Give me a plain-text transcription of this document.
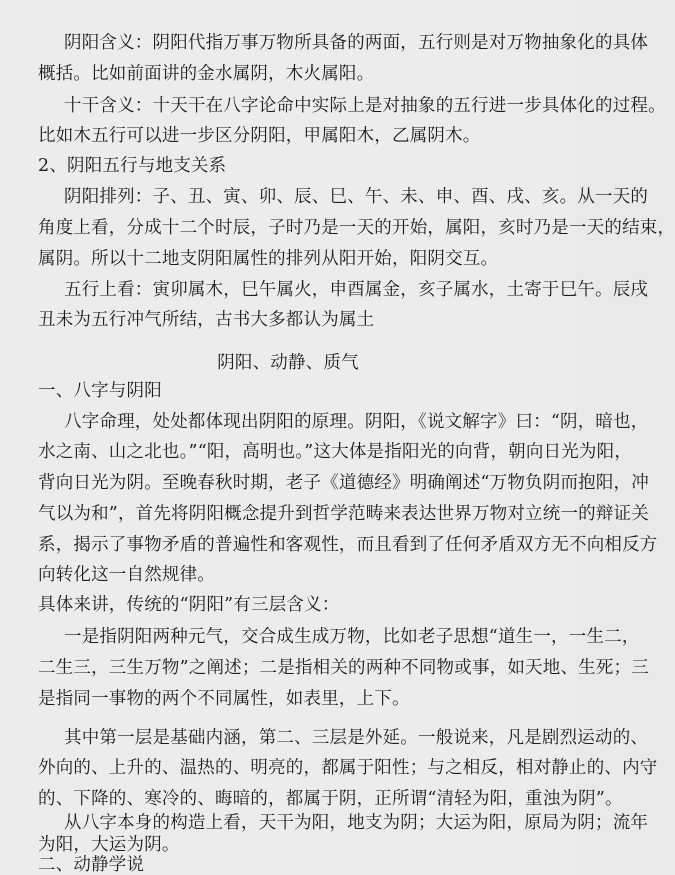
阴阳含义：阴阳代指万事万物所具备的两面，五行则是对万物抽象化的具体
概括。比如前面讲的金水属阴，木火属阳。
十干含义：十天干在八字论命中实际上是对抽象的五行进一步具体化的过程。
比如木五行可以进一步区分阴阳，甲属阳木，乙属阴木。
2、阴阳五行与地支关系
阴阳排列：子、丑、寅、卯、辰、巳、午、未、申、酉、戌、亥。从一天的
角度上看，分成十二个时辰，子时乃是一天的开始，属阳，亥时乃是一天的结束，
属阴。所以十二地支阴阳属性的排列从阳开始，阳阴交互。
五行上看：寅卯属木，巳午属火，申酉属金，亥子属水，土寄于巳午。辰戌
丑未为五行冲气所结，古书大多都认为属土
阴阳、动静、质气
一、八字与阴阳
八字命理，处处都体现出阴阳的原理。阴阳，《说文解字》曰：“阴，暗也，
水之南、山之北也。”“阳，高明也。”这大体是指阳光的向背，朝向日光为阳，
背向日光为阴。至晚春秋时期，老子《道德经》明确阐述“万物负阴而抱阳，冲
气以为和”，首先将阴阳概念提升到哲学范畴来表达世界万物对立统一的辩证关
系，揭示了事物矛盾的普遍性和客观性，而且看到了任何矛盾双方无不向相反方
向转化这一自然规律。
具体来讲，传统的“阴阳”有三层含义：
一是指阴阳两种元气，交合成生成万物，比如老子思想“道生一，一生二，
二生三，三生万物”之阐述；二是指相关的两种不同物或事，如天地、生死；三
是指同一事物的两个不同属性，如表里，上下。
其中第一层是基础内涵，第二、三层是外延。一般说来，凡是剧烈运动的、
外向的、上升的、温热的、明亮的，都属于阳性；与之相反，相对静止的、内守
的、下降的、寒冷的、晦暗的，都属于阴，正所谓“清轻为阳，重浊为阴”。
从八字本身的构造上看，天干为阳，地支为阴；大运为阳，原局为阴；流年
为阳，大运为阴。
二、动静学说
